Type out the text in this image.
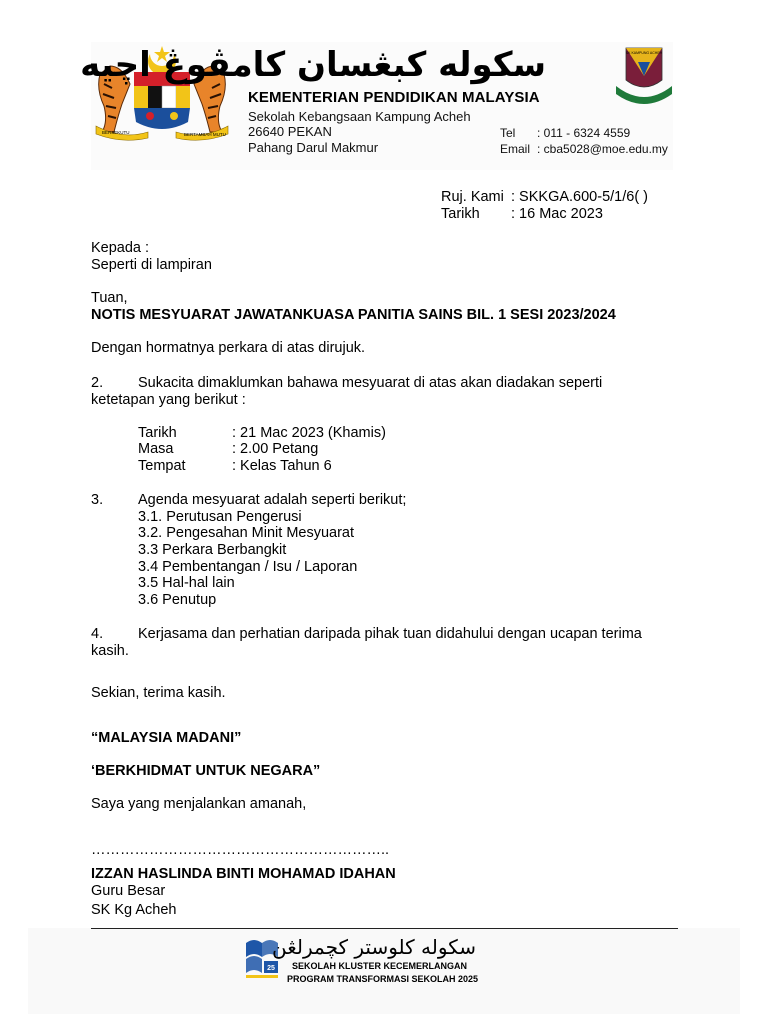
BERSEKUTU	BERTAMBAH MUTU
سکوله کبڠسان کامڤوڠ اچيه
KEMENTERIAN PENDIDIKAN MALAYSIA
Sekolah Kebangsaan Kampung Acheh
26640 PEKAN
Pahang Darul Makmur
Tel : 011 - 6324 4559
Email : cba5028@moe.edu.my
SK KAMPUNG ACHEH
Ruj. Kami : SKKGA.600-5/1/6( )
Tarikh : 16 Mac 2023
Kepada :
Seperti di lampiran
Tuan,
NOTIS MESYUARAT JAWATANKUASA PANITIA SAINS BIL. 1 SESI 2023/2024
Dengan hormatnya perkara di atas dirujuk.
2. Sukacita dimaklumkan bahawa mesyuarat di atas akan diadakan seperti
ketetapan yang berikut :
Tarikh	: 21 Mac 2023 (Khamis)
Masa	: 2.00 Petang
Tempat	: Kelas Tahun 6
3. Agenda mesyuarat adalah seperti berikut;
3.1. Perutusan Pengerusi
3.2. Pengesahan Minit Mesyuarat
3.3 Perkara Berbangkit
3.4 Pembentangan / Isu / Laporan
3.5 Hal-hal lain
3.6 Penutup
4. Kerjasama dan perhatian daripada pihak tuan didahului dengan ucapan terima
kasih.
Sekian, terima kasih.
“MALAYSIA MADANI”
‘BERKHIDMAT UNTUK NEGARA”
Saya yang menjalankan amanah,
……………………………………………………..
IZZAN HASLINDA BINTI MOHAMAD IDAHAN
Guru Besar
SK Kg Acheh
25
سکوله کلوستر کچمرلڠن
SEKOLAH KLUSTER KECEMERLANGAN
PROGRAM TRANSFORMASI SEKOLAH 2025
